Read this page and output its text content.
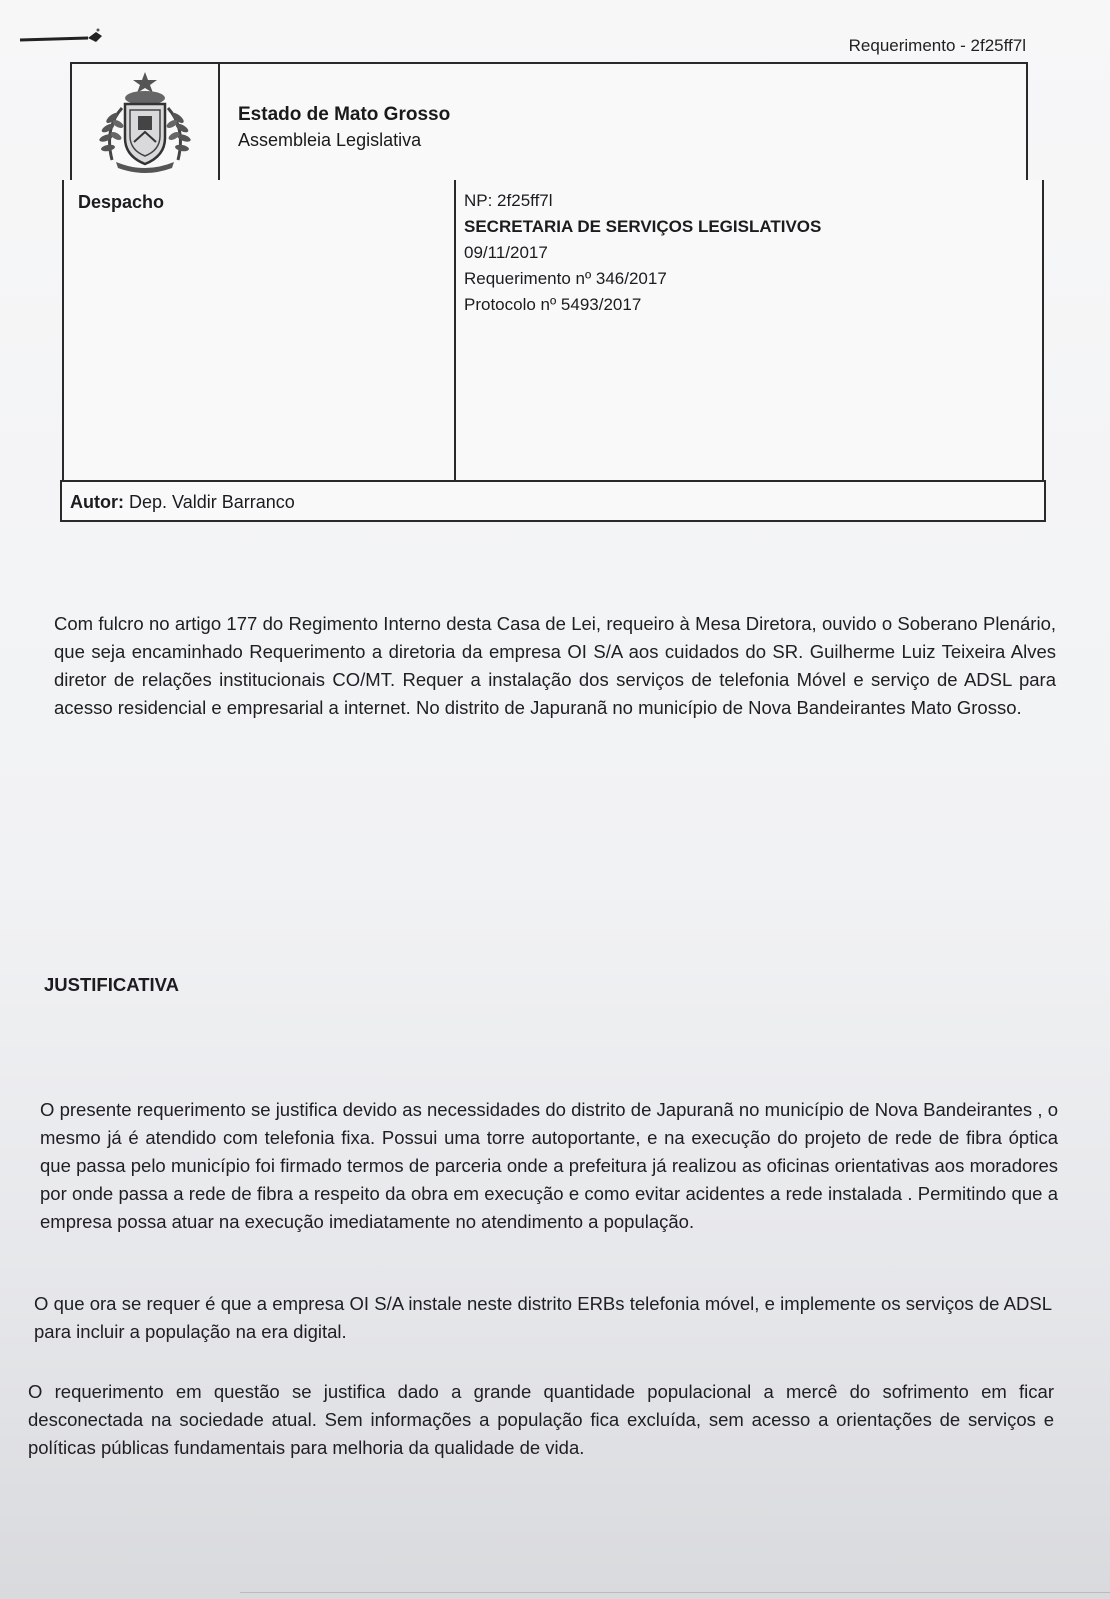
Requerimento - 2f25ff7l
Estado de Mato Grosso
Assembleia Legislativa
Despacho	NP: 2f25ff7l
SECRETARIA DE SERVIÇOS LEGISLATIVOS
09/11/2017
Requerimento nº 346/2017
Protocolo nº 5493/2017
Autor: Dep. Valdir Barranco
Com fulcro no artigo 177 do Regimento Interno desta Casa de Lei, requeiro à Mesa Diretora, ouvido o Soberano Plenário, que seja encaminhado Requerimento a diretoria da empresa OI S/A aos cuidados do SR. Guilherme Luiz Teixeira Alves diretor de relações institucionais CO/MT. Requer a instalação dos serviços de telefonia Móvel e serviço de ADSL para acesso residencial e empresarial a internet. No distrito de Japuranã no município de Nova Bandeirantes Mato Grosso.
JUSTIFICATIVA
O presente requerimento se justifica devido as necessidades do distrito de Japuranã no município de Nova Bandeirantes , o mesmo já é atendido com telefonia fixa. Possui uma torre autoportante, e na execução do projeto de rede de fibra óptica que passa pelo município foi firmado termos de parceria onde a prefeitura já realizou as oficinas orientativas aos moradores por onde passa a rede de fibra a respeito da obra em execução e como evitar acidentes a rede instalada . Permitindo que a empresa possa atuar na execução imediatamente no atendimento a população.
O que ora se requer é que a empresa OI S/A instale neste distrito ERBs telefonia móvel, e implemente os serviços de ADSL para incluir a população na era digital.
O requerimento em questão se justifica dado a grande quantidade populacional a mercê do sofrimento em ficar desconectada na sociedade atual. Sem informações a população fica excluída, sem acesso a orientações de serviços e políticas públicas fundamentais para melhoria da qualidade de vida.
